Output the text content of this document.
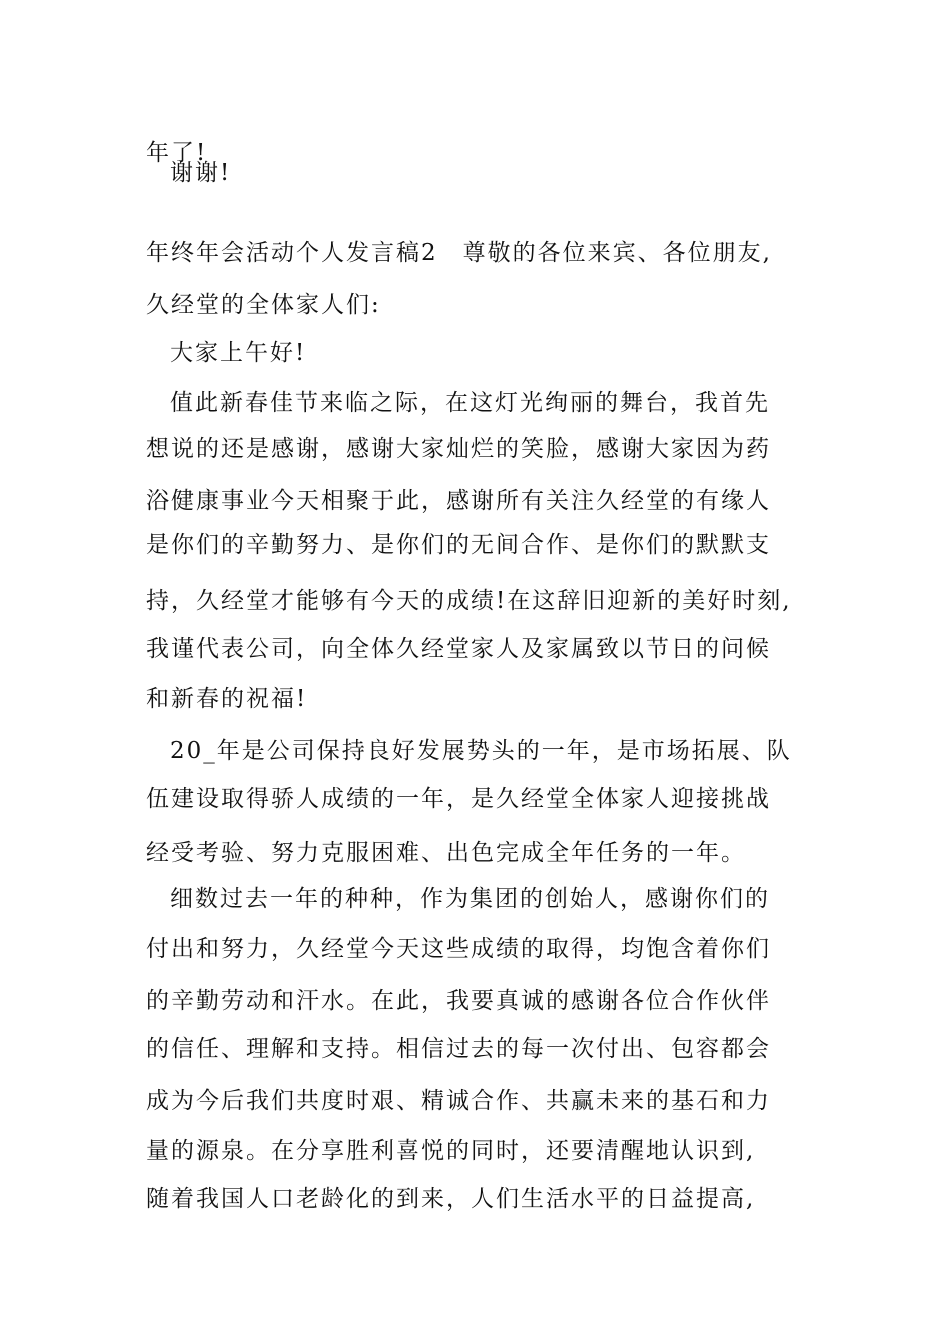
年了!
谢谢!
年终年会活动个人发言稿2　尊敬的各位来宾、各位朋友,
久经堂的全体家人们:
大家上午好!
值此新春佳节来临之际，在这灯光绚丽的舞台，我首先
想说的还是感谢，感谢大家灿烂的笑脸，感谢大家因为药
浴健康事业今天相聚于此，感谢所有关注久经堂的有缘人
是你们的辛勤努力、是你们的无间合作、是你们的默默支
持，久经堂才能够有今天的成绩!在这辞旧迎新的美好时刻,
我谨代表公司，向全体久经堂家人及家属致以节日的问候
和新春的祝福!
20_年是公司保持良好发展势头的一年，是市场拓展、队
伍建设取得骄人成绩的一年，是久经堂全体家人迎接挑战
经受考验、努力克服困难、出色完成全年任务的一年。
细数过去一年的种种，作为集团的创始人，感谢你们的
付出和努力，久经堂今天这些成绩的取得，均饱含着你们
的辛勤劳动和汗水。在此，我要真诚的感谢各位合作伙伴
的信任、理解和支持。相信过去的每一次付出、包容都会
成为今后我们共度时艰、精诚合作、共赢未来的基石和力
量的源泉。在分享胜利喜悦的同时，还要清醒地认识到,
随着我国人口老龄化的到来，人们生活水平的日益提高,
